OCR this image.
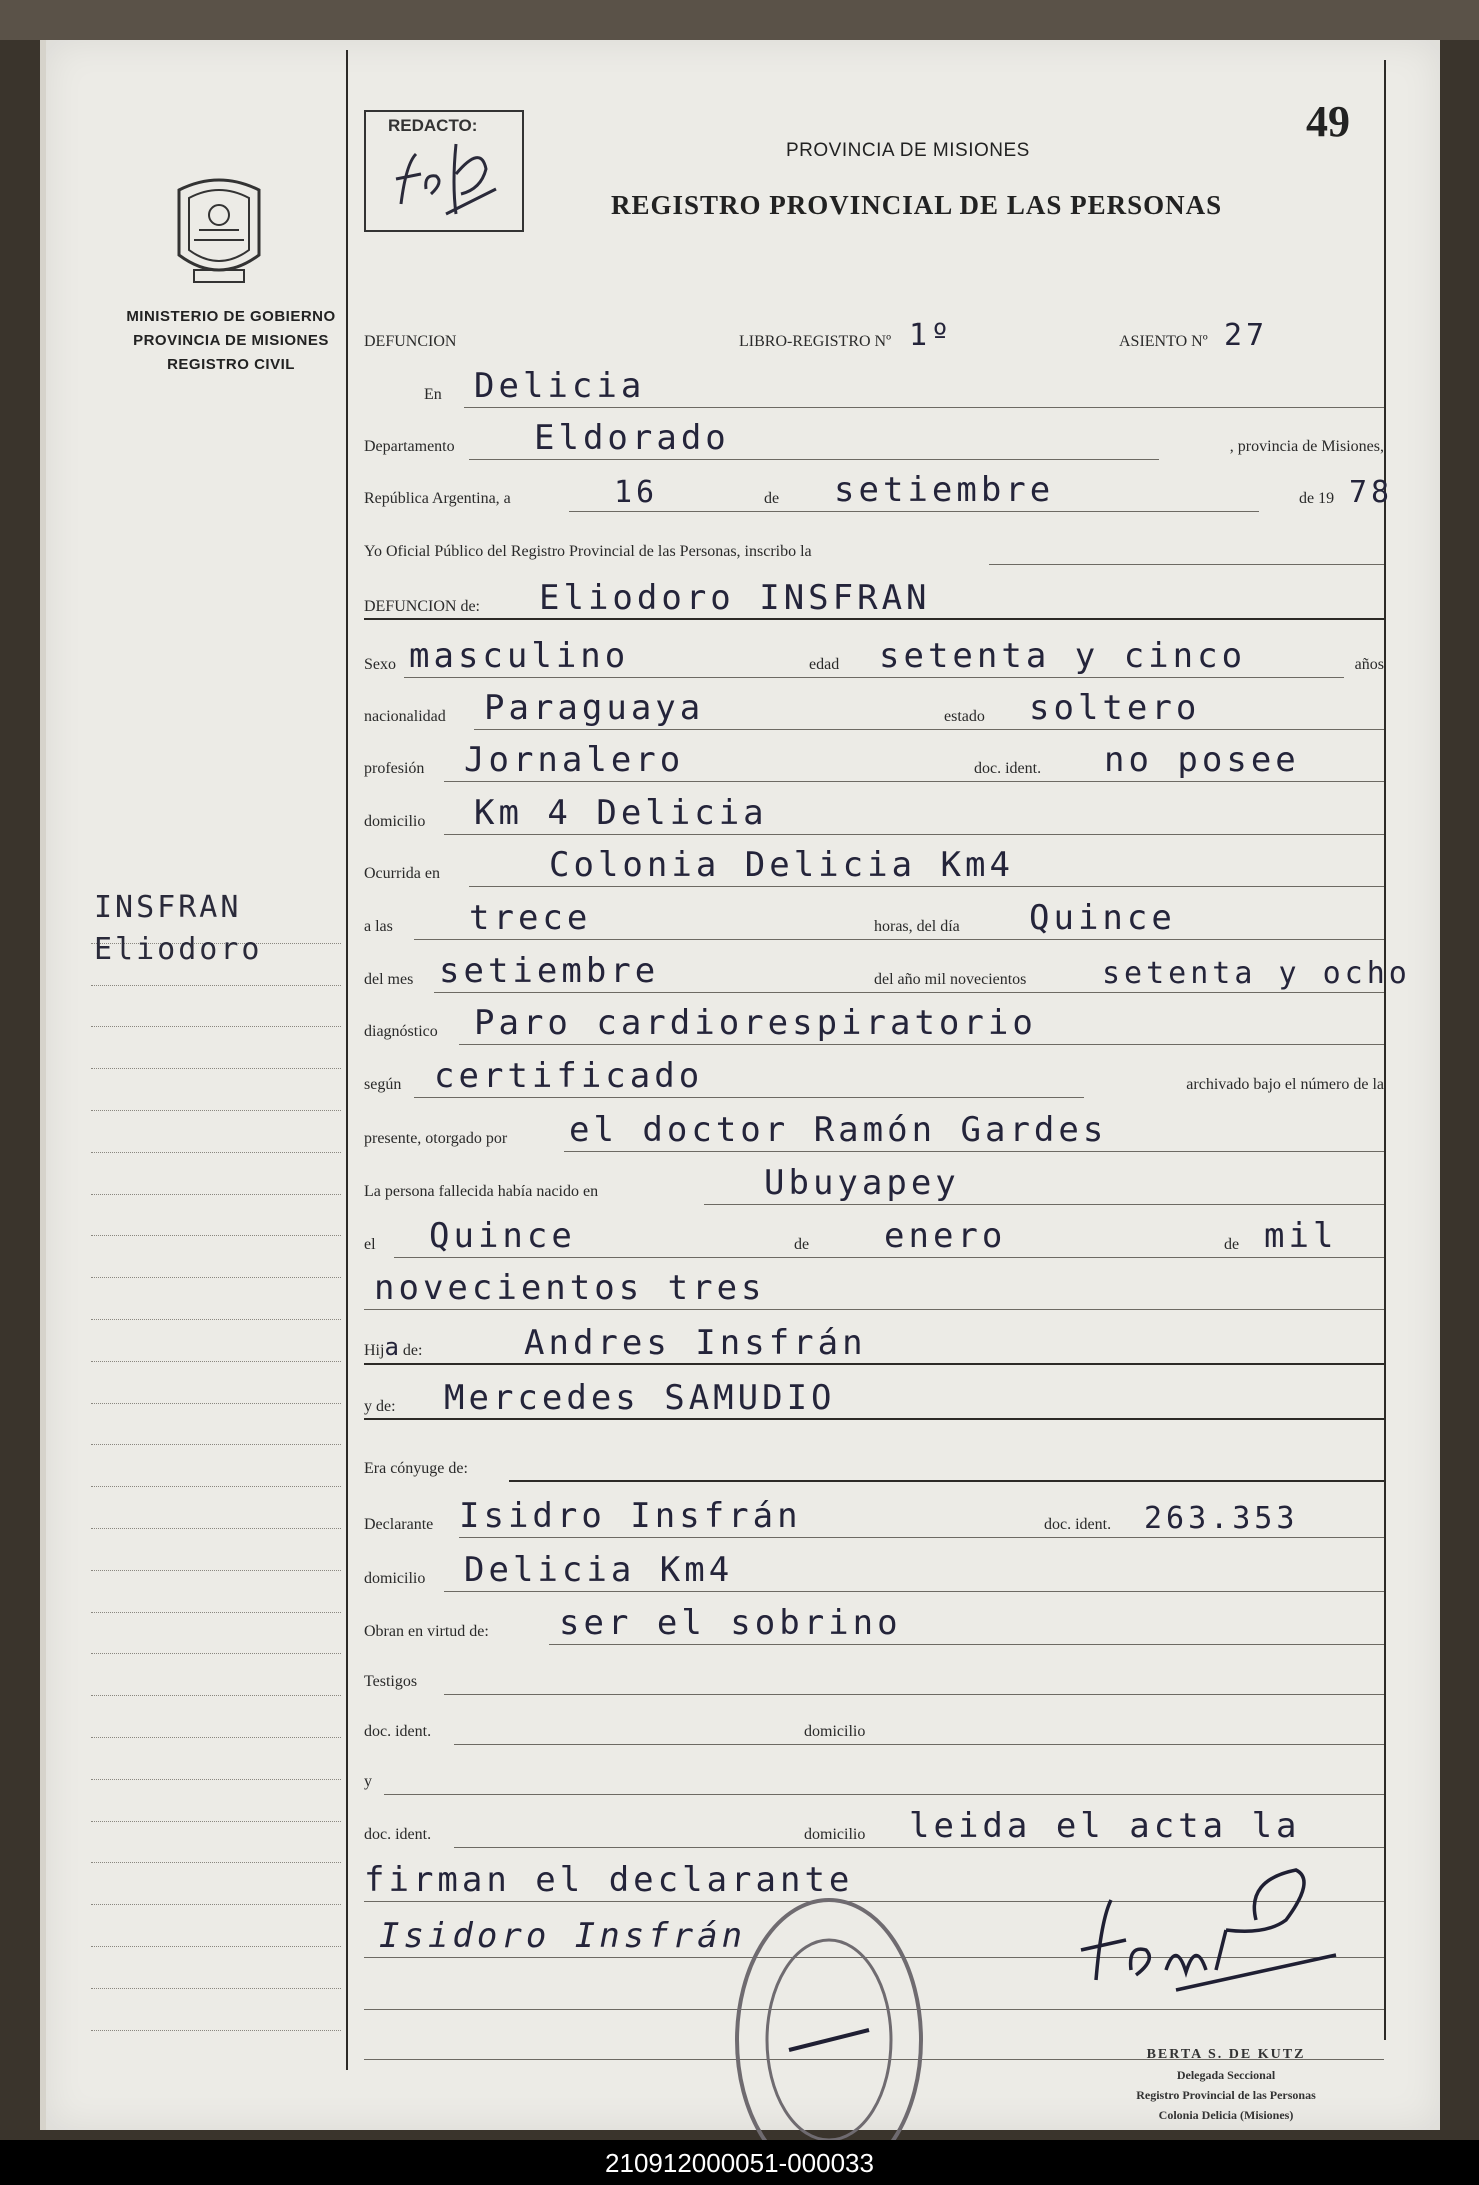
MINISTERIO DE GOBIERNO
PROVINCIA DE MISIONES
REGISTRO CIVIL
INSFRAN
Eliodoro
REDACTO:	49
PROVINCIA DE MISIONES
REGISTRO PROVINCIAL DE LAS PERSONAS
DEFUNCION	LIBRO-REGISTRO Nº 1º	ASIENTO Nº 27
En Delicia
Departamento Eldorado	, provincia de Misiones,
República Argentina, a	16	de setiembre	de 19 78
Yo Oficial Público del Registro Provincial de las Personas, inscribo la
DEFUNCION de: Eliodoro INSFRAN
Sexo masculino	edad setenta y cinco	años
nacionalidad Paraguaya	estado soltero
profesión Jornalero	doc. ident. no posee
domicilio Km 4 Delicia
Ocurrida en	Colonia Delicia Km4
a las trece	horas, del día Quince
del mes setiembre	del año mil novecientos	setenta y ocho
diagnóstico Paro cardiorespiratorio
según certificado	archivado bajo el número de la
presente, otorgado por el doctor Ramón Gardes
La persona fallecida había nacido en	Ubuyapey
el Quince	de enero	de mil
novecientos tres
Hija de:	Andres Insfrán
y de: Mercedes SAMUDIO
Era cónyuge de:
Declarante Isidro Insfrán	doc. ident. 263.353
domicilio Delicia Km4
Obran en virtud de: ser el sobrino
Testigos
doc. ident.	domicilio
y
doc. ident.	domicilio leida el acta la
firman el declarante
Isidoro Insfrán
BERTA S. DE KUTZ
Delegada Seccional
Registro Provincial de las Personas
Colonia Delicia (Misiones)
210912000051-000033
